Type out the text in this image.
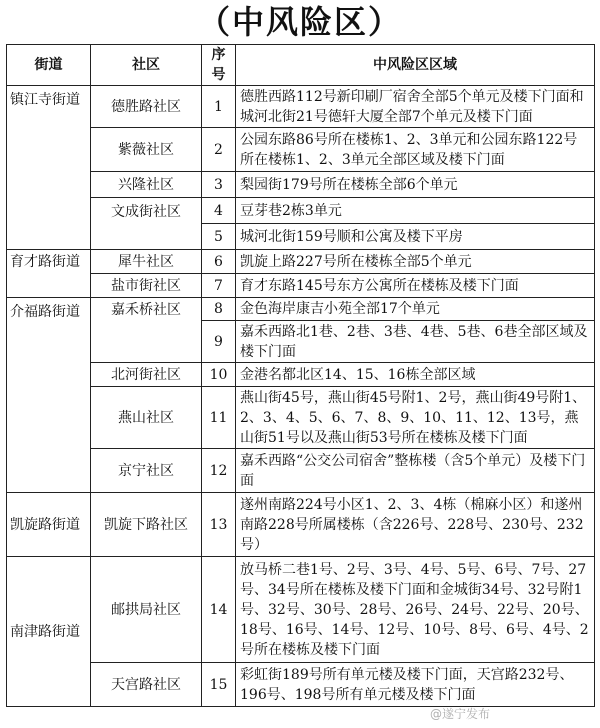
（中风险区）
街道	社区	序号	中风险区区域
镇江寺街道	德胜路社区	1	德胜西路112号新印刷厂宿舍全部5个单元及楼下门面和城河北街21号德轩大厦全部7个单元及楼下门面
	紫薇社区	2	公园东路86号所在楼栋1、2、3单元和公园东路122号所在楼栋1、2、3单元全部区域及楼下门面
	兴隆社区	3	梨园街179号所在楼栋全部6个单元
	文成街社区	4	豆芽巷2栋3单元
		5	城河北街159号顺和公寓及楼下平房
育才路街道	犀牛社区	6	凯旋上路227号所在楼栋全部5个单元
	盐市街社区	7	育才东路145号东方公寓所在楼栋及楼下门面
介福路街道	嘉禾桥社区	8	金色海岸康吉小苑全部17个单元
		9	嘉禾西路北1巷、2巷、3巷、4巷、5巷、6巷全部区域及楼下门面
	北河街社区	10	金港名都北区14、15、16栋全部区域
	燕山社区	11	燕山街45号，燕山街45号附1、2号，燕山街49号附1、2、3、4、5、6、7、8、9、10、11、12、13号，燕山街51号以及燕山街53号所在楼栋及楼下门面
	京宁社区	12	嘉禾西路“公交公司宿舍”整栋楼（含5个单元）及楼下门面
凯旋路街道	凯旋下路社区	13	遂州南路224号小区1、2、3、4栋（棉麻小区）和遂州南路228号所属楼栋（含226号、228号、230号、232号）
南津路街道	邮拱局社区	14	放马桥二巷1号、2号、3号、4号、5号、6号、7号、27号、34号所在楼栋及楼下门面和金城街34号、32号附1号、32号、30号、28号、26号、24号、22号、20号、18号、16号、14号、12号、10号、8号、6号、4号、2号所在楼栋及楼下门面
	天宫路社区	15	彩虹街189号所有单元楼及楼下门面，天宫路232号、196号、198号所有单元楼及楼下门面
@遂宁发布
